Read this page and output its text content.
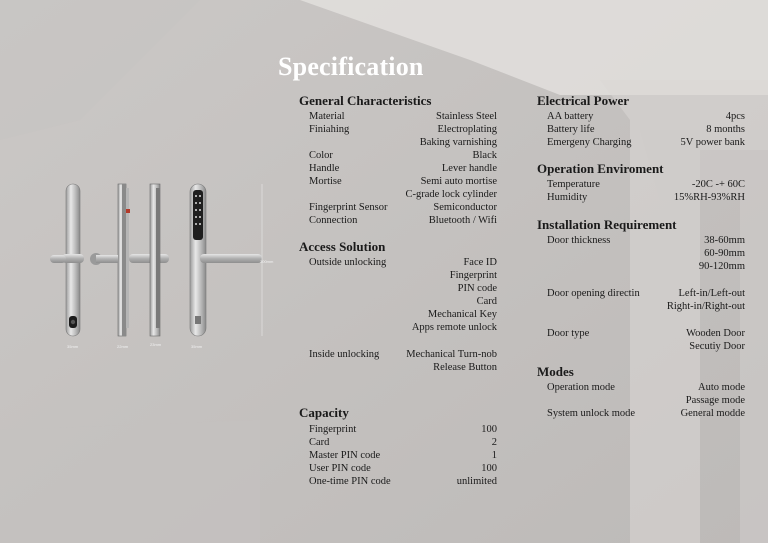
300mm
35mm	22mm	23mm	35mm
Specification
General Characteristics
Material	Stainless Steel
Finiahing	Electroplating
Baking varnishing
Color	Black
Handle	Lever handle
Mortise	Semi auto mortise
C-grade lock cylinder
Fingerprint Sensor	Semiconductor
Connection	Bluetooth / Wifi
Access Solution
Outside unlocking	Face ID
Fingerprint
PIN code
Card
Mechanical Key
Apps remote unlock
Inside unlocking	Mechanical Turn-nob
Release Button
Capacity
Fingerprint	100
Card	2
Master PIN code	1
User PIN code	100
One-time PIN code	unlimited
Electrical Power
AA battery	4pcs
Battery life	8 months
Emergeny Charging	5V power bank
Operation Enviroment
Temperature	-20C -+ 60C
Humidity	15%RH-93%RH
Installation Requirement
Door thickness	38-60mm
60-90mm
90-120mm
Door opening directin	Left-in/Left-out
Right-in/Right-out
Door type	Wooden Door
Secutiy Door
Modes
Operation mode	Auto mode
Passage mode
System unlock mode	General modde
